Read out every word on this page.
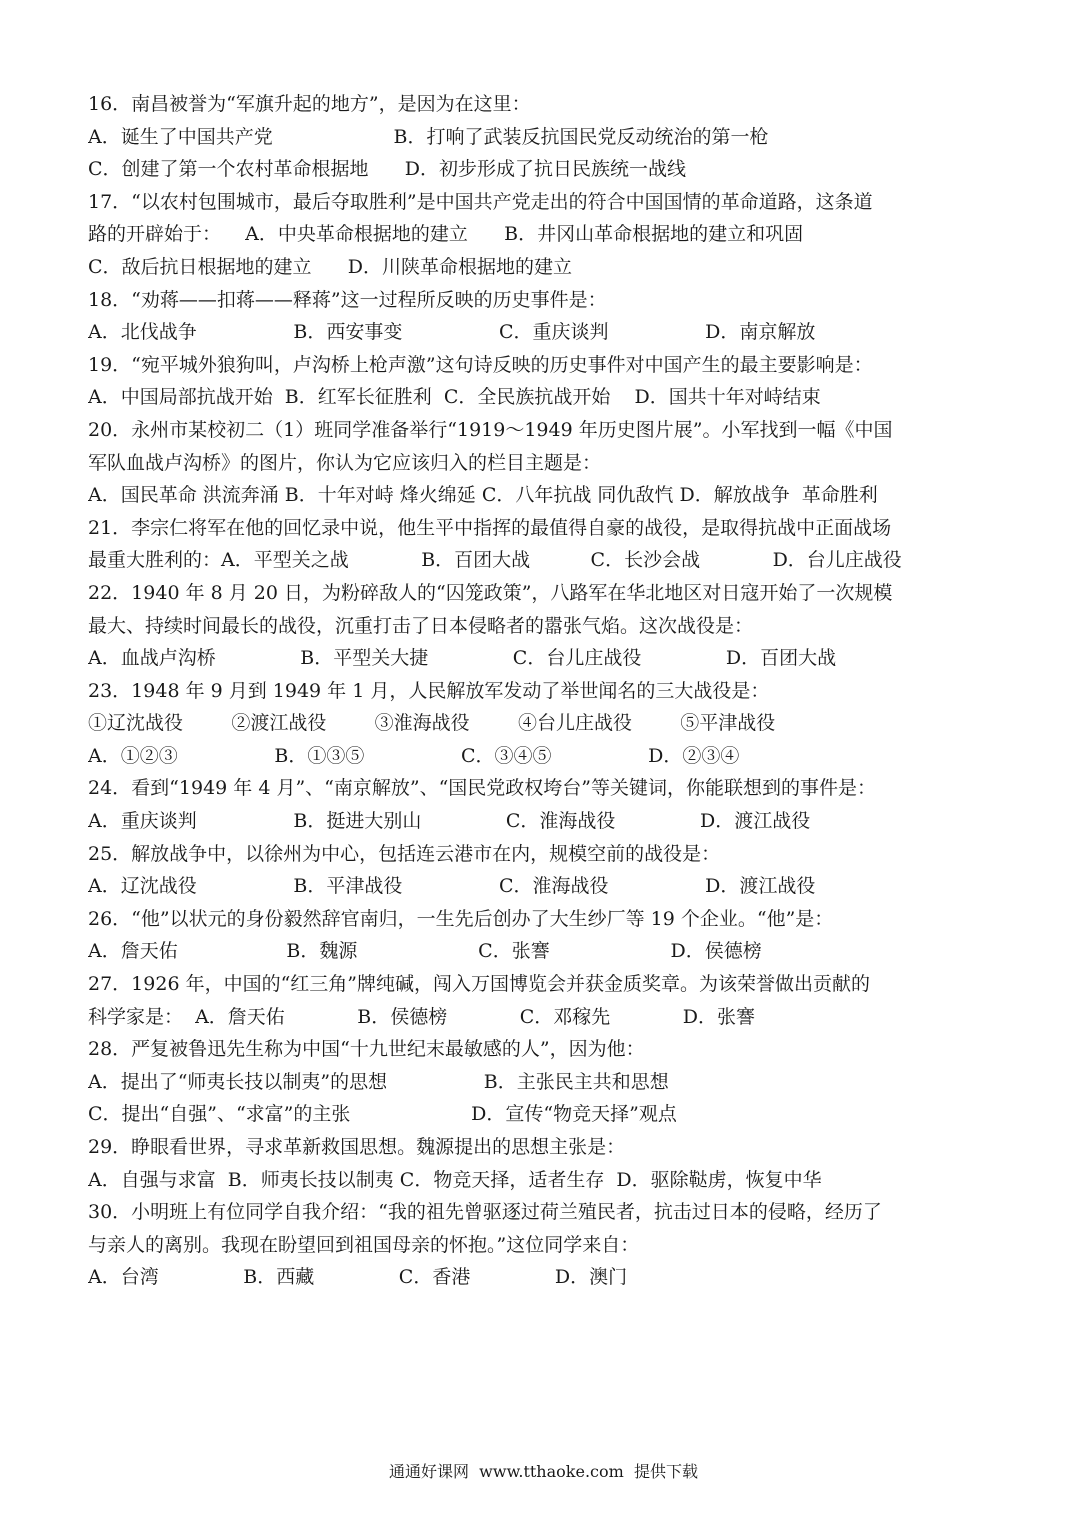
16．南昌被誉为“军旗升起的地方”，是因为在这里：
A．诞生了中国共产党                    B．打响了武装反抗国民党反动统治的第一枪
C．创建了第一个农村革命根据地      D．初步形成了抗日民族统一战线
17．“以农村包围城市，最后夺取胜利”是中国共产党走出的符合中国国情的革命道路，这条道
路的开辟始于：    A．中央革命根据地的建立      B．井冈山革命根据地的建立和巩固
C．敌后抗日根据地的建立      D．川陕革命根据地的建立
18．“劝蒋——扣蒋——释蒋”这一过程所反映的历史事件是：
A．北伐战争                B．西安事变                C．重庆谈判                D．南京解放
19．“宛平城外狼狗叫，卢沟桥上枪声激”这句诗反映的历史事件对中国产生的最主要影响是：
A．中国局部抗战开始  B．红军长征胜利  C．全民族抗战开始    D．国共十年对峙结束
20．永州市某校初二（1）班同学准备举行“1919～1949 年历史图片展”。小军找到一幅《中国
军队血战卢沟桥》的图片，你认为它应该归入的栏目主题是：
A．国民革命 洪流奔涌 B．十年对峙 烽火绵延 C．八年抗战 同仇敌忾 D．解放战争  革命胜利
21．李宗仁将军在他的回忆录中说，他生平中指挥的最值得自豪的战役，是取得抗战中正面战场
最重大胜利的：A．平型关之战            B．百团大战          C．长沙会战            D．台儿庄战役
22．1940 年 8 月 20 日，为粉碎敌人的“囚笼政策”，八路军在华北地区对日寇开始了一次规模
最大、持续时间最长的战役，沉重打击了日本侵略者的嚣张气焰。这次战役是：
A．血战卢沟桥              B．平型关大捷              C．台儿庄战役              D．百团大战
23．1948 年 9 月到 1949 年 1 月，人民解放军发动了举世闻名的三大战役是：
①辽沈战役        ②渡江战役        ③淮海战役        ④台儿庄战役        ⑤平津战役
A．①②③                B．①③⑤                C．③④⑤                D．②③④
24．看到“1949 年 4 月”、“南京解放”、“国民党政权垮台”等关键词，你能联想到的事件是：
A．重庆谈判                B．挺进大别山              C．淮海战役              D．渡江战役
25．解放战争中，以徐州为中心，包括连云港市在内，规模空前的战役是：
A．辽沈战役                B．平津战役                C．淮海战役                D．渡江战役
26．“他”以状元的身份毅然辞官南归，一生先后创办了大生纱厂等 19 个企业。“他”是：
A．詹天佑                  B．魏源                    C．张謇                    D．侯德榜
27．1926 年，中国的“红三角”牌纯碱，闯入万国博览会并获金质奖章。为该荣誉做出贡献的
科学家是：  A．詹天佑            B．侯德榜            C．邓稼先            D．张謇
28．严复被鲁迅先生称为中国“十九世纪末最敏感的人”，因为他：
A．提出了“师夷长技以制夷”的思想                B．主张民主共和思想
C．提出“自强”、“求富”的主张                    D．宣传“物竞天择”观点
29．睁眼看世界，寻求革新救国思想。魏源提出的思想主张是：
A．自强与求富  B．师夷长技以制夷 C．物竞天择，适者生存  D．驱除鞑虏，恢复中华
30．小明班上有位同学自我介绍：“我的祖先曾驱逐过荷兰殖民者，抗击过日本的侵略，经历了
与亲人的离别。我现在盼望回到祖国母亲的怀抱。”这位同学来自：
A．台湾              B．西藏              C．香港              D．澳门
通通好课网  www.tthaoke.com  提供下载
